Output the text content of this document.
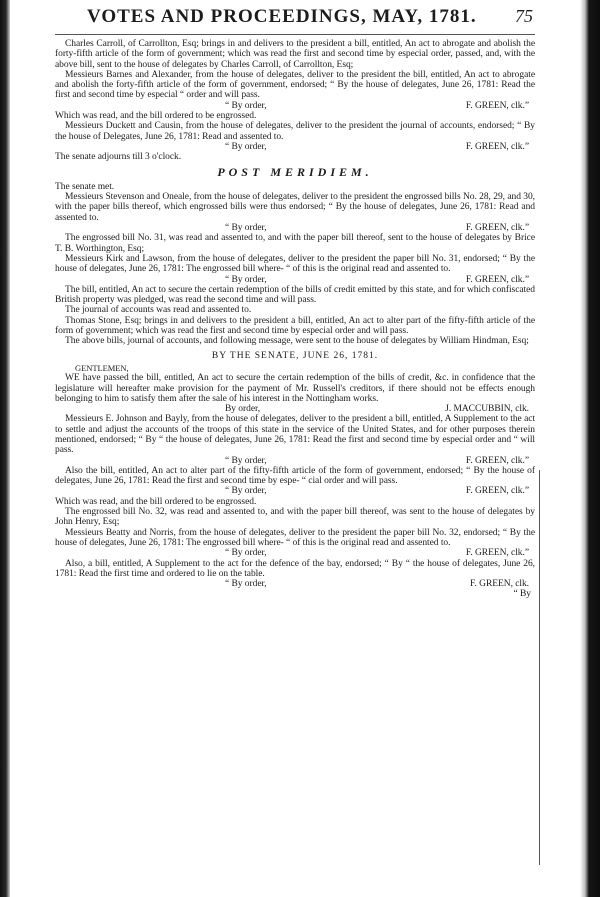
VOTES AND PROCEEDINGS, MAY, 1781. 75

Charles Carroll, of Carrollton, Esq; brings in and delivers to the president a bill, entitled, An act to abrogate and abolish the forty-fifth article of the form of government; which was read the first and second time by especial order, passed, and, with the above bill, sent to the house of delegates by Charles Carroll, of Carrollton, Esq;

Messieurs Barnes and Alexander, from the house of delegates, deliver to the president the bill, entitled, An act to abrogate and abolish the forty-fifth article of the form of government, endorsed; “ By the house of delegates, June 26, 1781: Read the first and second time by especial “ order and will pass.

“ By order,	F. GREEN, clk.”

Which was read, and the bill ordered to be engrossed.

Messieurs Duckett and Causin, from the house of delegates, deliver to the president the journal of accounts, endorsed; “ By the house of Delegates, June 26, 1781: Read and assented to.

“ By order,	F. GREEN, clk.”

The senate adjourns till 3 o'clock.

POST MERIDIEM.

The senate met.

Messieurs Stevenson and Oneale, from the house of delegates, deliver to the president the engrossed bills No. 28, 29, and 30, with the paper bills thereof, which engrossed bills were thus endorsed; “ By the house of delegates, June 26, 1781: Read and assented to.

“ By order,	F. GREEN, clk.”

The engrossed bill No. 31, was read and assented to, and with the paper bill thereof, sent to the house of delegates by Brice T. B. Worthington, Esq;

Messieurs Kirk and Lawson, from the house of delegates, deliver to the president the paper bill No. 31, endorsed; “ By the house of delegates, June 26, 1781: The engrossed bill where- “ of this is the original read and assented to.

“ By order,	F. GREEN, clk.”

The bill, entitled, An act to secure the certain redemption of the bills of credit emitted by this state, and for which confiscated British property was pledged, was read the second time and will pass.

The journal of accounts was read and assented to.

Thomas Stone, Esq; brings in and delivers to the president a bill, entitled, An act to alter part of the fifty-fifth article of the form of government; which was read the first and second time by especial order and will pass.

The above bills, journal of accounts, and following message, were sent to the house of delegates by William Hindman, Esq;

BY THE SENATE, JUNE 26, 1781.
GENTLEMEN,

WE have passed the bill, entitled, An act to secure the certain redemption of the bills of credit, &c. in confidence that the legislature will hereafter make provision for the payment of Mr. Russell's creditors, if there should not be effects enough belonging to him to satisfy them after the sale of his interest in the Nottingham works.

By order,	J. MACCUBBIN, clk.

Messieurs E. Johnson and Bayly, from the house of delegates, deliver to the president a bill, entitled, A Supplement to the act to settle and adjust the accounts of the troops of this state in the service of the United States, and for other purposes therein mentioned, endorsed; “ By “ the house of delegates, June 26, 1781: Read the first and second time by especial order and “ will pass.

“ By order,	F. GREEN, clk.”

Also the bill, entitled, An act to alter part of the fifty-fifth article of the form of government, endorsed; “ By the house of delegates, June 26, 1781: Read the first and second time by espe- “ cial order and will pass.

“ By order,	F. GREEN, clk.”

Which was read, and the bill ordered to be engrossed.

The engrossed bill No. 32, was read and assented to, and with the paper bill thereof, was sent to the house of delegates by John Henry, Esq;

Messieurs Beatty and Norris, from the house of delegates, deliver to the president the paper bill No. 32, endorsed; “ By the house of delegates, June 26, 1781: The engrossed bill where- “ of this is the original read and assented to.

“ By order,	F. GREEN, clk.”

Also, a bill, entitled, A Supplement to the act for the defence of the bay, endorsed; “ By “ the house of delegates, June 26, 1781: Read the first time and ordered to lie on the table.

“ By order,	F. GREEN, clk.
“ By
